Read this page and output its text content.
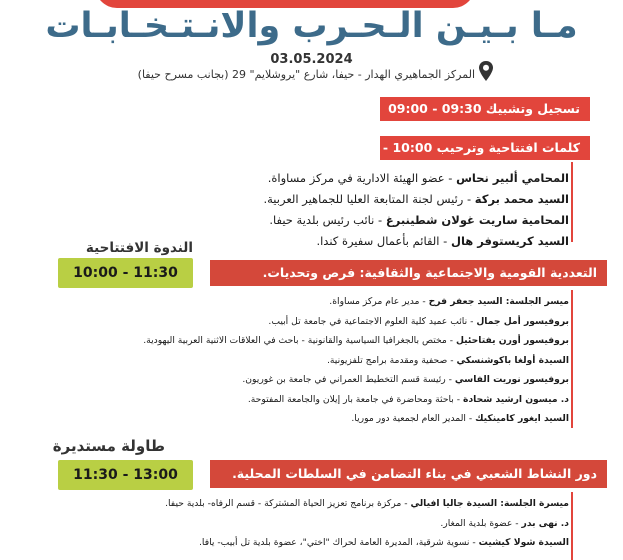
مـا بـيـن الـحـرب والانـتـخـابـات
03.05.2024
المركز الجماهيري الهدار - حيفا، شارع "يروشلايم" 29 (بجانب مسرح حيفا)
تسجيل وتشبيك 09:30 - 09:00
كلمات افتتاحية وترحيب 10:00 - 09:30
المحامي ألبير نحاس - عضو الهيئة الادارية في مركز مساواة.
السيد محمد بركة - رئيس لجنة المتابعة العليا للجماهير العربية.
المحامية ساريت غولان شطينبرغ - نائب رئيس بلدية حيفا.
السيد كريستوفر هال - القائم بأعمال سفيرة كندا.
الندوة الافتتاحية
10:00 - 11:30	التعددية القومية والاجتماعية والثقافية: فرص وتحديات.
ميسر الجلسة: السيد جعفر فرح - مدير عام مركز مساواة.
بروفيسور أمل جمال - نائب عميد كلية العلوم الاجتماعية في جامعة تل أبيب.
بروفيسور أورن يفتاحئيل - مختص بالجغرافيا السياسية والقانونية - باحث في العلاقات الاثنية العربية اليهودية.
السيدة أولغا باكوشنسكي - صحفية ومقدمة برامج تلفزيونية.
بروفيسور نوريت الفاسي - رئيسة قسم التخطيط العمراني في جامعة بن غوريون.
د. ميسون ارشيد شحادة - باحثة ومحاضرة في جامعة بار إيلان والجامعة المفتوحة.
السيد ايغور كامينكيك - المدير العام لجمعية دور موريا.
طاولة مستديرة
11:30 - 13:00	دور النشاط الشعبي في بناء التضامن في السلطات المحلية.
ميسرة الجلسة: السيدة جاليا افيالي - مركزة برنامج تعزيز الحياة المشتركة - قسم الرفاه- بلدية حيفا.
د. نهى بدر - عضوة بلدية المغار.
السيدة شولا كيشيت - نسوية شرقية، المديرة العامة لحراك "اختي"، عضوة بلدية تل أبيب- يافا.
